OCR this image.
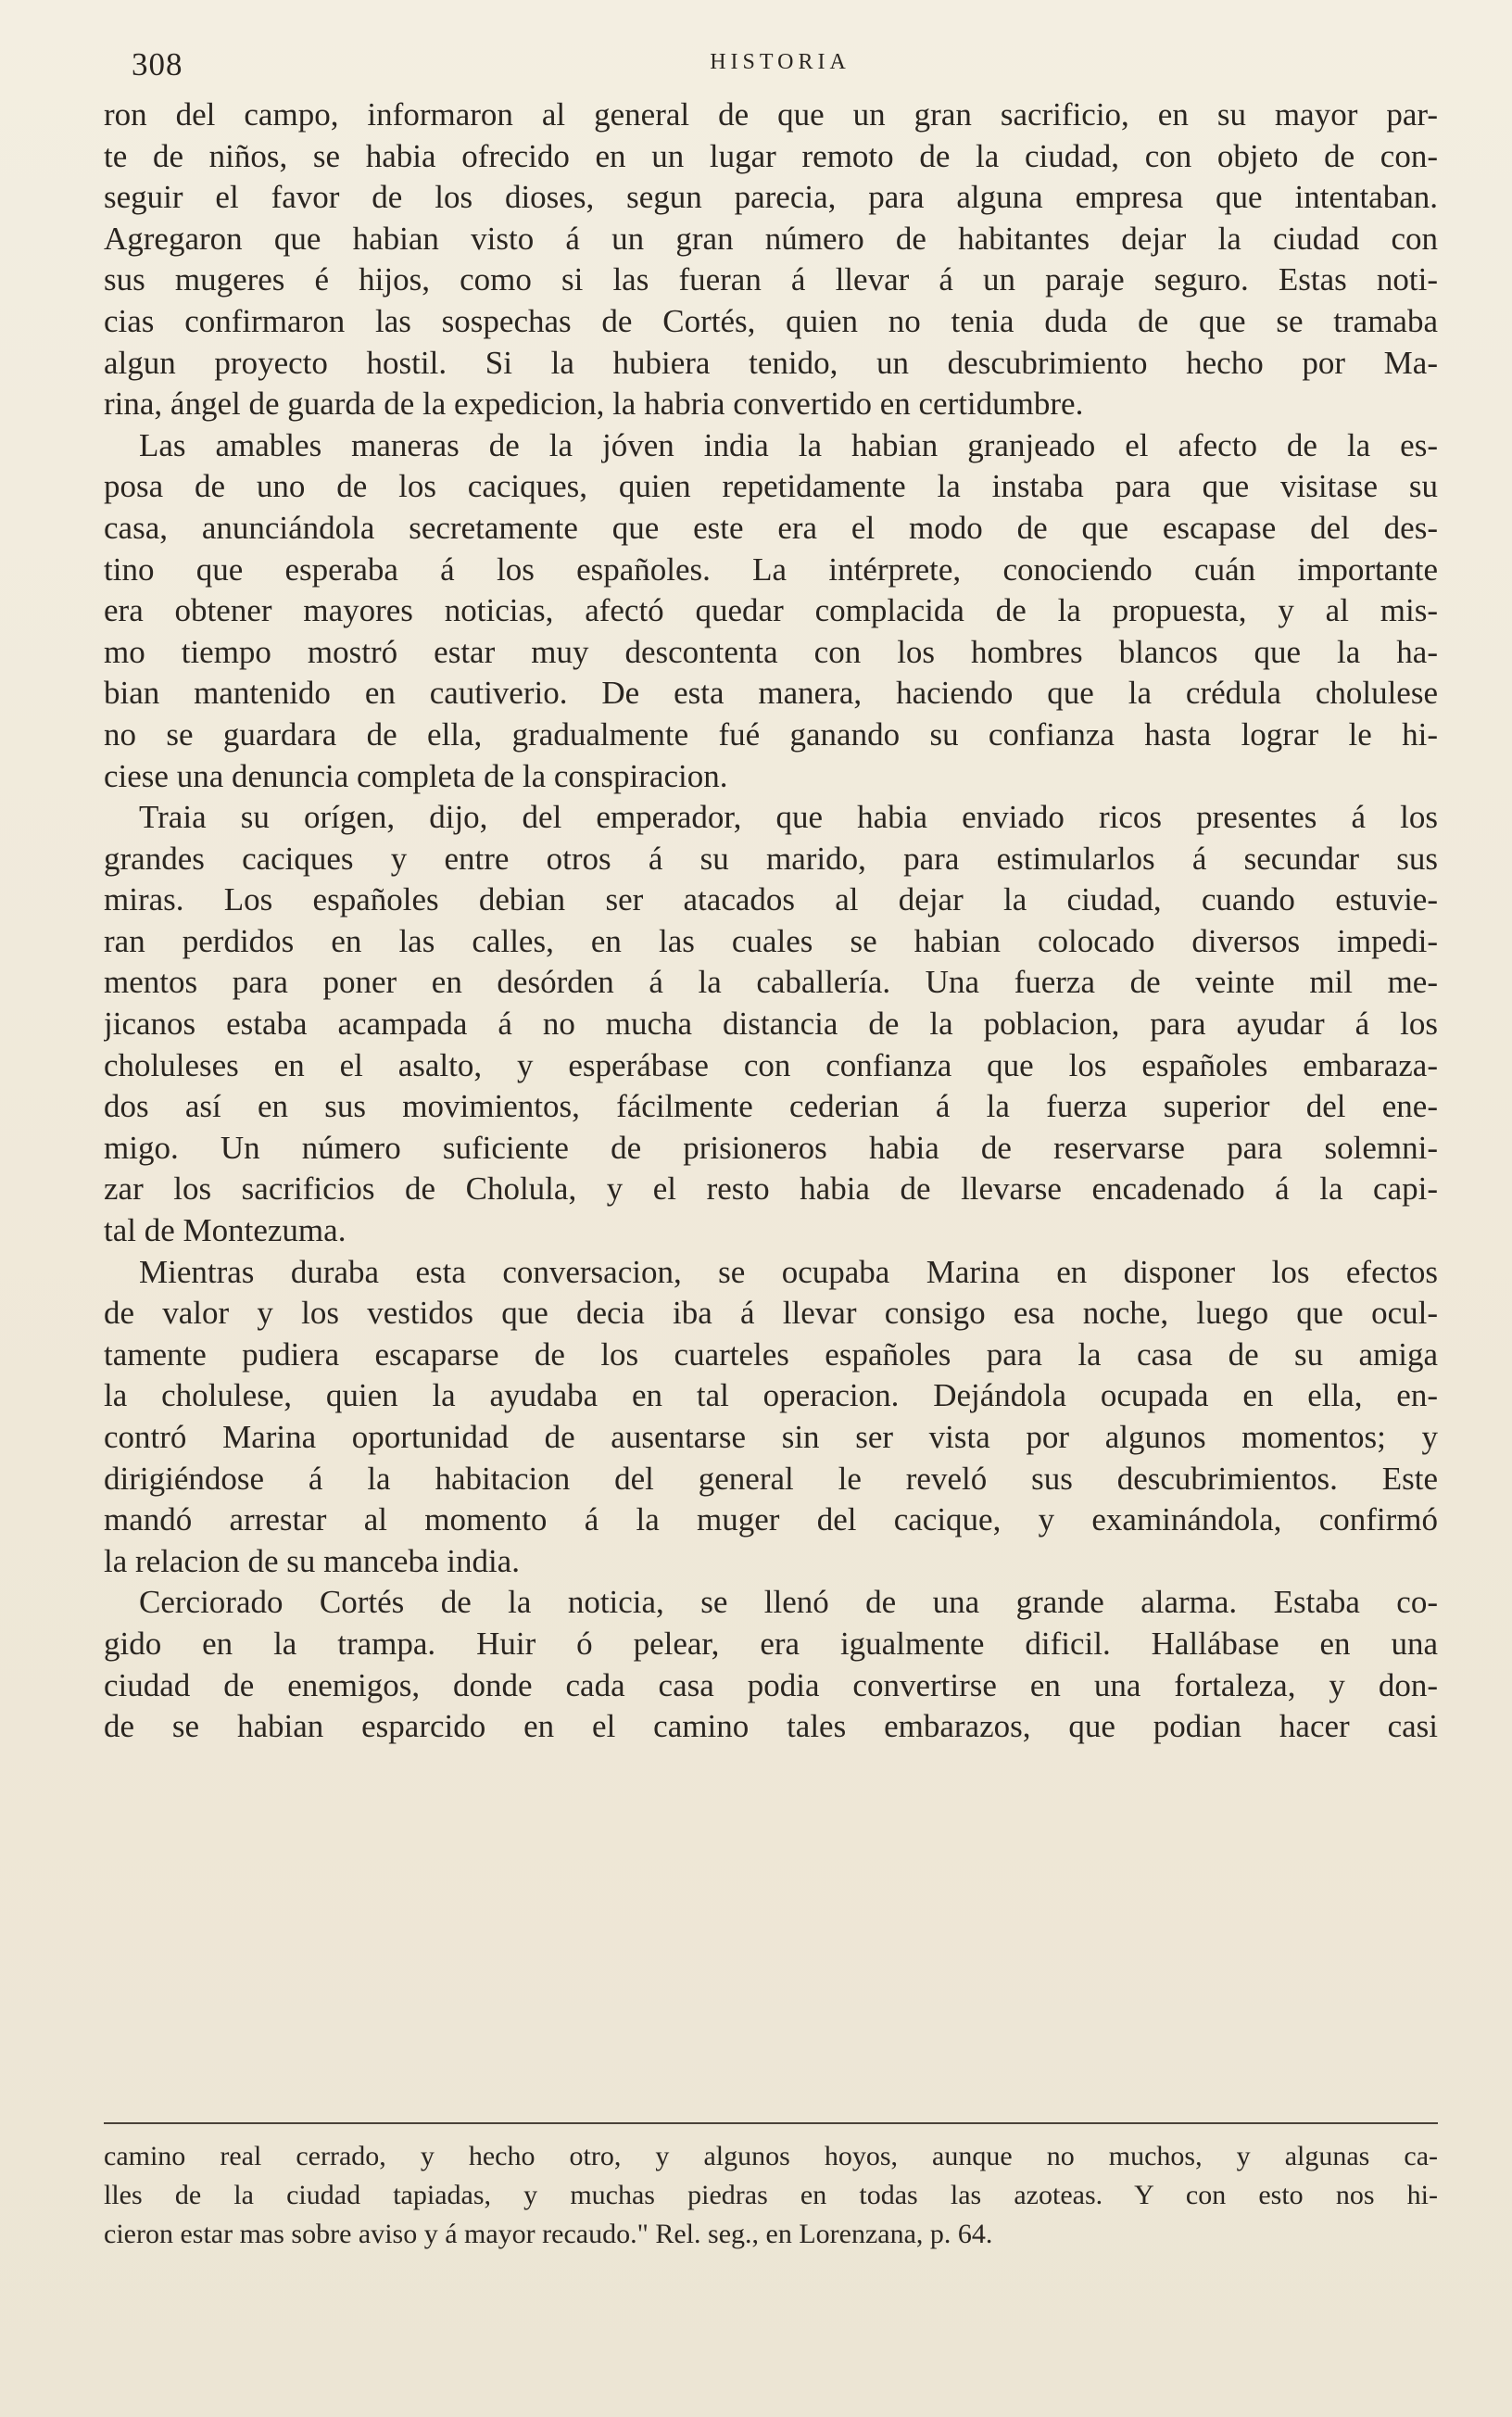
308	HISTORIA
ron del campo, informaron al general de que un gran sacrificio, en su mayor par-
te de niños, se habia ofrecido en un lugar remoto de la ciudad, con objeto de con-
seguir el favor de los dioses, segun parecia, para alguna empresa que intentaban.
Agregaron que habian visto á un gran número de habitantes dejar la ciudad con
sus mugeres é hijos, como si las fueran á llevar á un paraje seguro. Estas noti-
cias confirmaron las sospechas de Cortés, quien no tenia duda de que se tramaba
algun proyecto hostil. Si la hubiera tenido, un descubrimiento hecho por Ma-
rina, ángel de guarda de la expedicion, la habria convertido en certidumbre.
Las amables maneras de la jóven india la habian granjeado el afecto de la es-
posa de uno de los caciques, quien repetidamente la instaba para que visitase su
casa, anunciándola secretamente que este era el modo de que escapase del des-
tino que esperaba á los españoles. La intérprete, conociendo cuán importante
era obtener mayores noticias, afectó quedar complacida de la propuesta, y al mis-
mo tiempo mostró estar muy descontenta con los hombres blancos que la ha-
bian mantenido en cautiverio. De esta manera, haciendo que la crédula cholulese
no se guardara de ella, gradualmente fué ganando su confianza hasta lograr le hi-
ciese una denuncia completa de la conspiracion.
Traia su orígen, dijo, del emperador, que habia enviado ricos presentes á los
grandes caciques y entre otros á su marido, para estimularlos á secundar sus
miras. Los españoles debian ser atacados al dejar la ciudad, cuando estuvie-
ran perdidos en las calles, en las cuales se habian colocado diversos impedi-
mentos para poner en desórden á la caballería. Una fuerza de veinte mil me-
jicanos estaba acampada á no mucha distancia de la poblacion, para ayudar á los
cholulеses en el asalto, y esperábase con confianza que los españoles embaraza-
dos así en sus movimientos, fácilmente cederian á la fuerza superior del ene-
migo. Un número suficiente de prisioneros habia de reservarse para solemni-
zar los sacrificios de Cholula, y el resto habia de llevarse encadenado á la capi-
tal de Montezuma.
Mientras duraba esta conversacion, se ocupaba Marina en disponer los efectos
de valor y los vestidos que decia iba á llevar consigo esa noche, luego que ocul-
tamente pudiera escaparse de los cuarteles españoles para la casa de su amiga
la cholulese, quien la ayudaba en tal operacion. Dejándola ocupada en ella, en-
contró Marina oportunidad de ausentarse sin ser vista por algunos momentos; y
dirigiéndose á la habitacion del general le reveló sus descubrimientos. Este
mandó arrestar al momento á la muger del cacique, y examinándola, confirmó
la relacion de su manceba india.
Cerciorado Cortés de la noticia, se llenó de una grande alarma. Estaba co-
gido en la trampa. Huir ó pelear, era igualmente dificil. Hallábase en una
ciudad de enemigos, donde cada casa podia convertirse en una fortaleza, y don-
de se habian esparcido en el camino tales embarazos, que podian hacer casi
camino real cerrado, y hecho otro, y algunos hoyos, aunque no muchos, y algunas ca-
lles de la ciudad tapiadas, y muchas piedras en todas las azoteas. Y con esto nos hi-
cieron estar mas sobre aviso y á mayor recaudo." Rel. seg., en Lorenzana, p. 64.
